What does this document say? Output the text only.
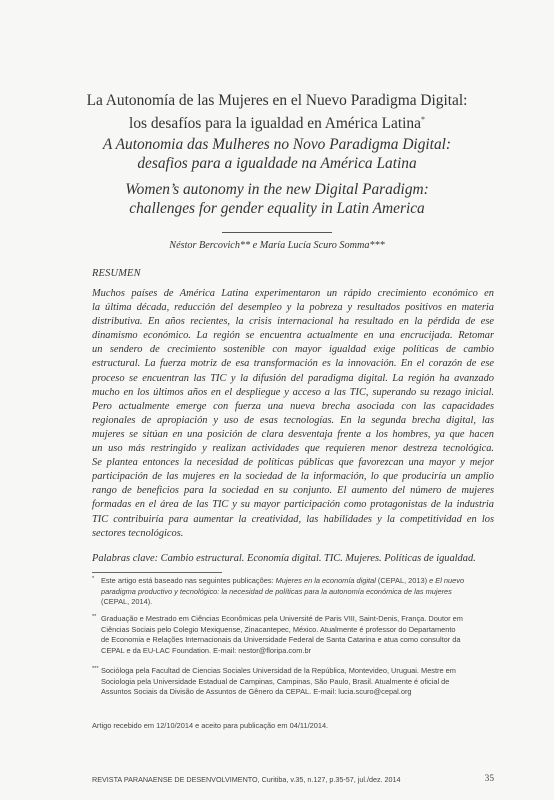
La Autonomía de las Mujeres en el Nuevo Paradigma Digital:
los desafíos para la igualdad en América Latina*
A Autonomia das Mulheres no Novo Paradigma Digital:
desafios para a igualdade na América Latina
Women’s autonomy in the new Digital Paradigm:
challenges for gender equality in Latin America
Néstor Bercovich** e María Lucía Scuro Somma***
RESUMEN
Muchos países de América Latina experimentaron un rápido crecimiento económico en
la última década, reducción del desempleo y la pobreza y resultados positivos en materia
distributiva. En años recientes, la crisis internacional ha resultado en la pérdida de ese
dinamismo económico. La región se encuentra actualmente en una encrucijada. Retomar
un sendero de crecimiento sostenible con mayor igualdad exige políticas de cambio
estructural. La fuerza motriz de esa transformación es la innovación. En el corazón de ese
proceso se encuentran las TIC y la difusión del paradigma digital. La región ha avanzado
mucho en los últimos años en el despliegue y acceso a las TIC, superando su rezago inicial.
Pero actualmente emerge con fuerza una nueva brecha asociada con las capacidades
regionales de apropiación y uso de esas tecnologías. En la segunda brecha digital, las
mujeres se sitúan en una posición de clara desventaja frente a los hombres, ya que hacen
un uso más restringido y realizan actividades que requieren menor destreza tecnológica.
Se plantea entonces la necesidad de políticas públicas que favorezcan una mayor y mejor
participación de las mujeres en la sociedad de la información, lo que produciría un amplio
rango de beneficios para la sociedad en su conjunto. El aumento del número de mujeres
formadas en el área de las TIC y su mayor participación como protagonistas de la industria
TIC contribuiría para aumentar la creatividad, las habilidades y la competitividad en los
sectores tecnológicos.
Palabras clave: Cambio estructural. Economía digital. TIC. Mujeres. Políticas de igualdad.
* Este artigo está baseado nas seguintes publicações: Mujeres en la economía digital (CEPAL, 2013) e El nuevo
paradigma productivo y tecnológico: la necesidad de políticas para la autonomía económica de las mujeres
(CEPAL, 2014).
** Graduação e Mestrado em Ciências Econômicas pela Université de Paris VIII, Saint-Denis, França. Doutor em
Ciências Sociais pelo Colegio Mexiquense, Zinacantepec, México. Atualmente é professor do Departamento
de Economia e Relações Internacionais da Universidade Federal de Santa Catarina e atua como consultor da
CEPAL e da EU-LAC Foundation. E-mail: nestor@floripa.com.br
*** Socióloga pela Facultad de Ciencias Sociales Universidad de la República, Montevideo, Uruguai. Mestre em
Sociologia pela Universidade Estadual de Campinas, Campinas, São Paulo, Brasil. Atualmente é oficial de
Assuntos Sociais da Divisão de Assuntos de Gênero da CEPAL. E-mail: lucia.scuro@cepal.org
Artigo recebido em 12/10/2014 e aceito para publicação em 04/11/2014.
REVISTA PARANAENSE DE DESENVOLVIMENTO, Curitiba, v.35, n.127, p.35-57, jul./dez. 2014	35
